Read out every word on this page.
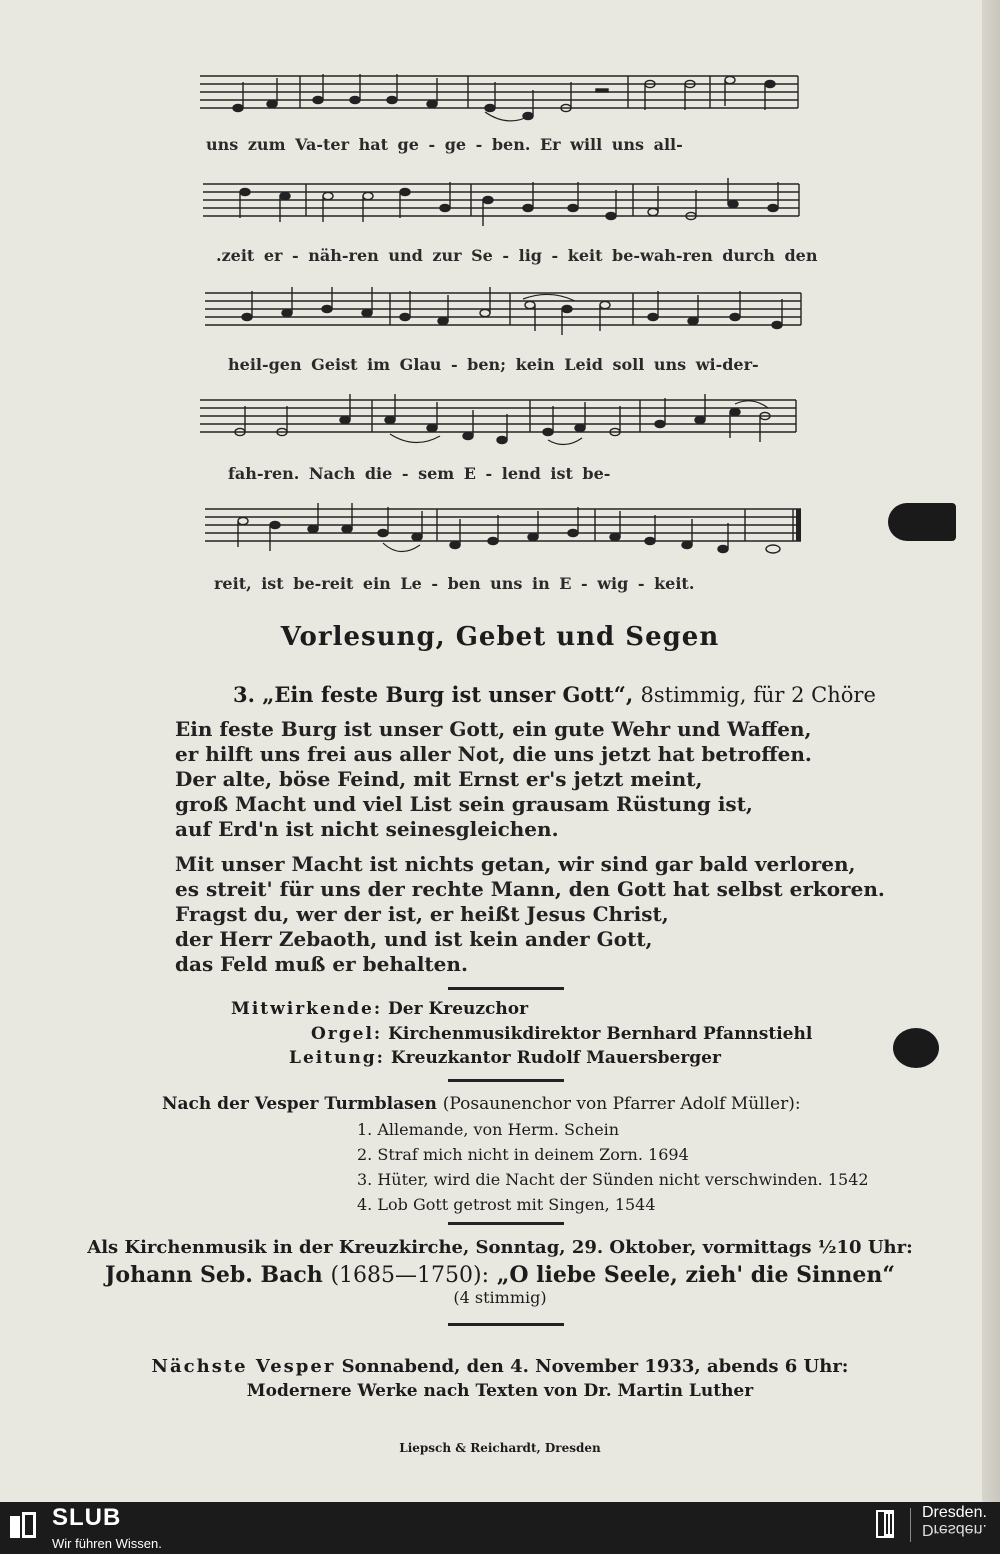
uns zum Va-ter hat ge - ge - ben. Er will uns all-
.zeit er - näh-ren und zur Se - lig - keit be-wah-ren durch den
heil-gen Geist im Glau - ben; kein Leid soll uns wi-der-
fah-ren. Nach die - sem E - lend ist be-
reit, ist be-reit ein Le - ben uns in E - wig - keit.
Vorlesung, Gebet und Segen
3. „Ein feste Burg ist unser Gott“, 8stimmig, für 2 Chöre
Ein feste Burg ist unser Gott, ein gute Wehr und Waffen,
er hilft uns frei aus aller Not, die uns jetzt hat betroffen.
Der alte, böse Feind, mit Ernst er's jetzt meint,
groß Macht und viel List sein grausam Rüstung ist,
auf Erd'n ist nicht seinesgleichen.
Mit unser Macht ist nichts getan, wir sind gar bald verloren,
es streit' für uns der rechte Mann, den Gott hat selbst erkoren.
Fragst du, wer der ist, er heißt Jesus Christ,
der Herr Zebaoth, und ist kein ander Gott,
das Feld muß er behalten.
Mitwirkende: Der Kreuzchor
Orgel: Kirchenmusikdirektor Bernhard Pfannstiehl
Leitung: Kreuzkantor Rudolf Mauersberger
Nach der Vesper Turmblasen (Posaunenchor von Pfarrer Adolf Müller):
1. Allemande, von Herm. Schein
2. Straf mich nicht in deinem Zorn. 1694
3. Hüter, wird die Nacht der Sünden nicht verschwinden. 1542
4. Lob Gott getrost mit Singen, 1544
Als Kirchenmusik in der Kreuzkirche, Sonntag, 29. Oktober, vormittags ½10 Uhr:
Johann Seb. Bach (1685—1750): „O liebe Seele, zieh' die Sinnen“
(4 stimmig)
Nächste Vesper Sonnabend, den 4. November 1933, abends 6 Uhr:
Modernere Werke nach Texten von Dr. Martin Luther
Liepsch & Reichardt, Dresden
SLUB
Wir führen Wissen.
Dresden.
Dresden.
